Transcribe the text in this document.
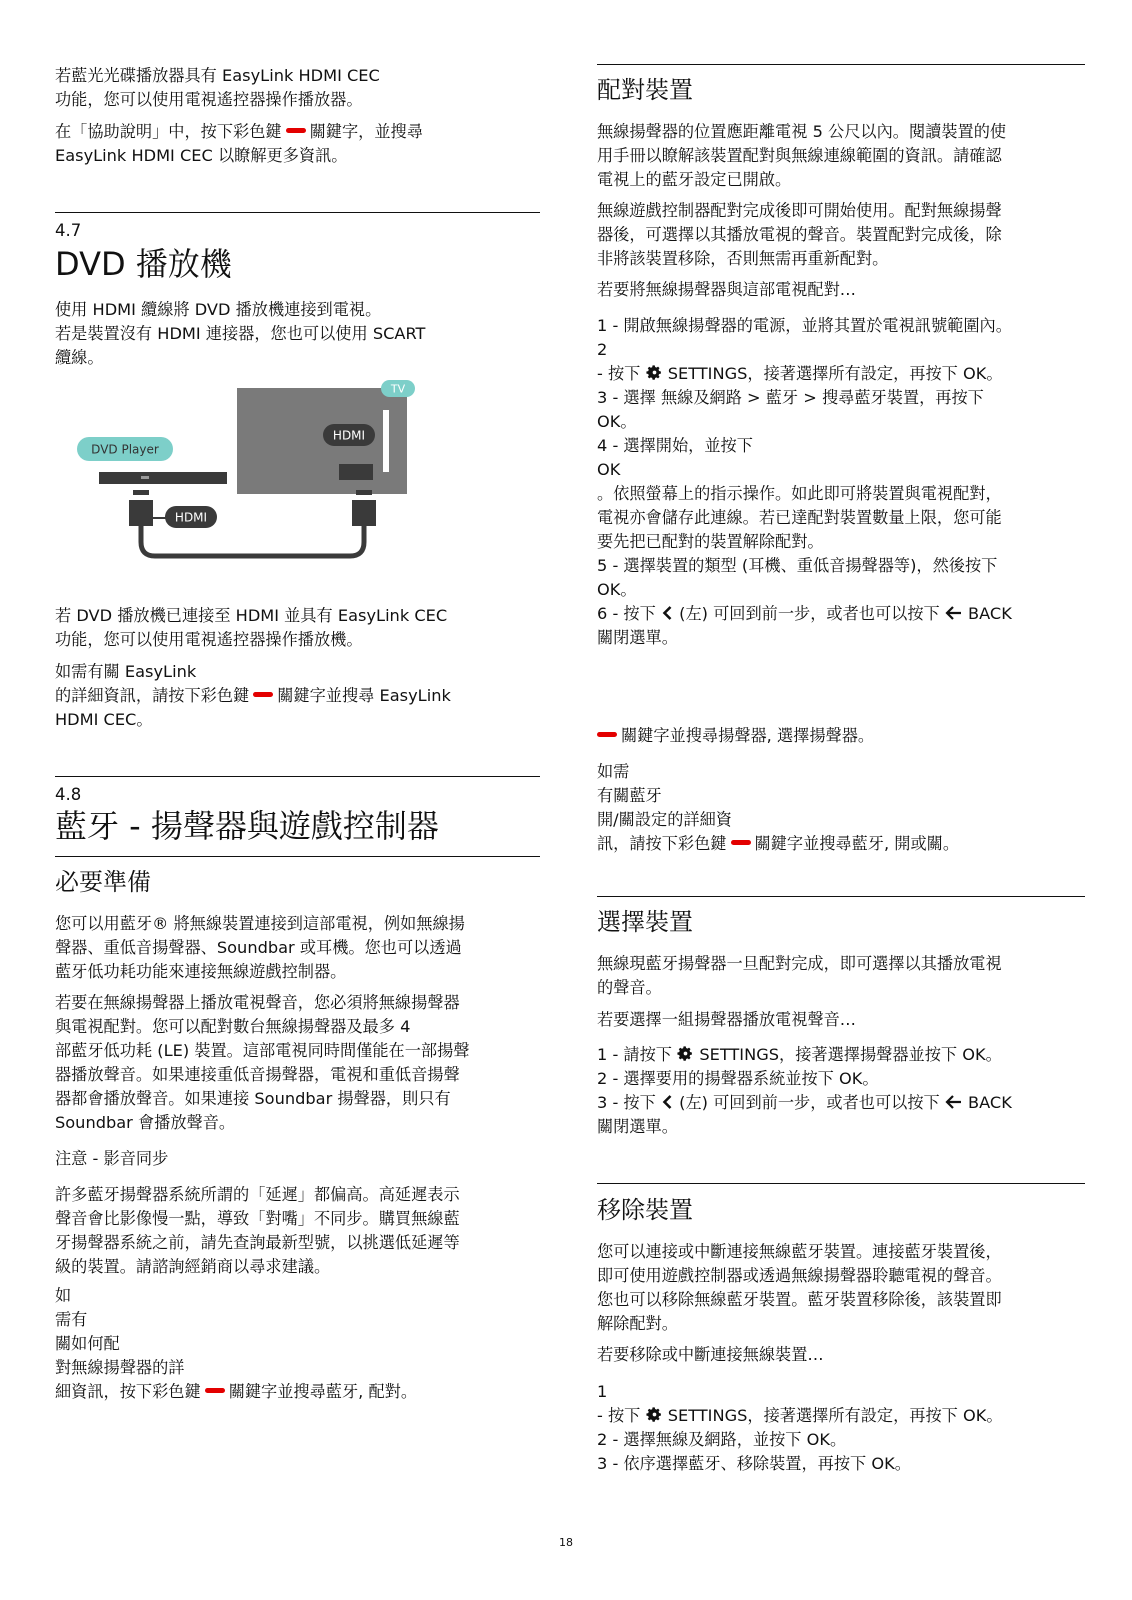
若藍光光碟播放器具有 EasyLink HDMI CEC
功能，您可以使用電視遙控器操作播放器。
在「協助說明」中，按下彩色鍵 關鍵字，並搜尋
EasyLink HDMI CEC 以瞭解更多資訊。
4.7
DVD 播放機
使用 HDMI 纜線將 DVD 播放機連接到電視。
若是裝置沒有 HDMI 連接器，您也可以使用 SCART
纜線。
TV
HDMI
DVD Player
HDMI
若 DVD 播放機已連接至 HDMI 並具有 EasyLink CEC
功能，您可以使用電視遙控器操作播放機。
如需有關 EasyLink
的詳細資訊，請按下彩色鍵 關鍵字並搜尋 EasyLink
HDMI CEC。
4.8
藍牙 - 揚聲器與遊戲控制器
必要準備
您可以用藍牙® 將無線裝置連接到這部電視，例如無線揚
聲器、重低音揚聲器、Soundbar 或耳機。您也可以透過
藍牙低功耗功能來連接無線遊戲控制器。
若要在無線揚聲器上播放電視聲音，您必須將無線揚聲器
與電視配對。您可以配對數台無線揚聲器及最多 4
部藍牙低功耗 (LE) 裝置。這部電視同時間僅能在一部揚聲
器播放聲音。如果連接重低音揚聲器，電視和重低音揚聲
器都會播放聲音。如果連接 Soundbar 揚聲器，則只有
Soundbar 會播放聲音。
注意 - 影音同步
許多藍牙揚聲器系統所謂的「延遲」都偏高。高延遲表示
聲音會比影像慢一點，導致「對嘴」不同步。購買無線藍
牙揚聲器系統之前，請先查詢最新型號，以挑選低延遲等
級的裝置。請諮詢經銷商以尋求建議。
如
需有
關如何配
對無線揚聲器的詳
細資訊，按下彩色鍵 關鍵字並搜尋藍牙, 配對。
配對裝置
無線揚聲器的位置應距離電視 5 公尺以內。閱讀裝置的使
用手冊以瞭解該裝置配對與無線連線範圍的資訊。請確認
電視上的藍牙設定已開啟。
無線遊戲控制器配對完成後即可開始使用。配對無線揚聲
器後，可選擇以其播放電視的聲音。裝置配對完成後，除
非將該裝置移除，否則無需再重新配對。
若要將無線揚聲器與這部電視配對…
1 - 開啟無線揚聲器的電源，並將其置於電視訊號範圍內。
2
- 按下 SETTINGS，接著選擇所有設定，再按下 OK。
3 - 選擇 無線及網路 > 藍牙 > 搜尋藍牙裝置，再按下
OK。
4 - 選擇開始，並按下
OK
。依照螢幕上的指示操作。如此即可將裝置與電視配對，
電視亦會儲存此連線。若已達配對裝置數量上限，您可能
要先把已配對的裝置解除配對。
5 - 選擇裝置的類型 (耳機、重低音揚聲器等)，然後按下
OK。
6 - 按下 (左) 可回到前一步，或者也可以按下 BACK
關閉選單。
關鍵字並搜尋揚聲器, 選擇揚聲器。
如需
有關藍牙
開/關設定的詳細資
訊，請按下彩色鍵 關鍵字並搜尋藍牙, 開或關。
選擇裝置
無線現藍牙揚聲器一旦配對完成，即可選擇以其播放電視
的聲音。
若要選擇一組揚聲器播放電視聲音…
1 - 請按下 SETTINGS，接著選擇揚聲器並按下 OK。
2 - 選擇要用的揚聲器系統並按下 OK。
3 - 按下 (左) 可回到前一步，或者也可以按下 BACK
關閉選單。
移除裝置
您可以連接或中斷連接無線藍牙裝置。連接藍牙裝置後，
即可使用遊戲控制器或透過無線揚聲器聆聽電視的聲音。
您也可以移除無線藍牙裝置。藍牙裝置移除後，該裝置即
解除配對。
若要移除或中斷連接無線裝置…
1
- 按下 SETTINGS，接著選擇所有設定，再按下 OK。
2 - 選擇無線及網路，並按下 OK。
3 - 依序選擇藍牙、移除裝置，再按下 OK。
18
